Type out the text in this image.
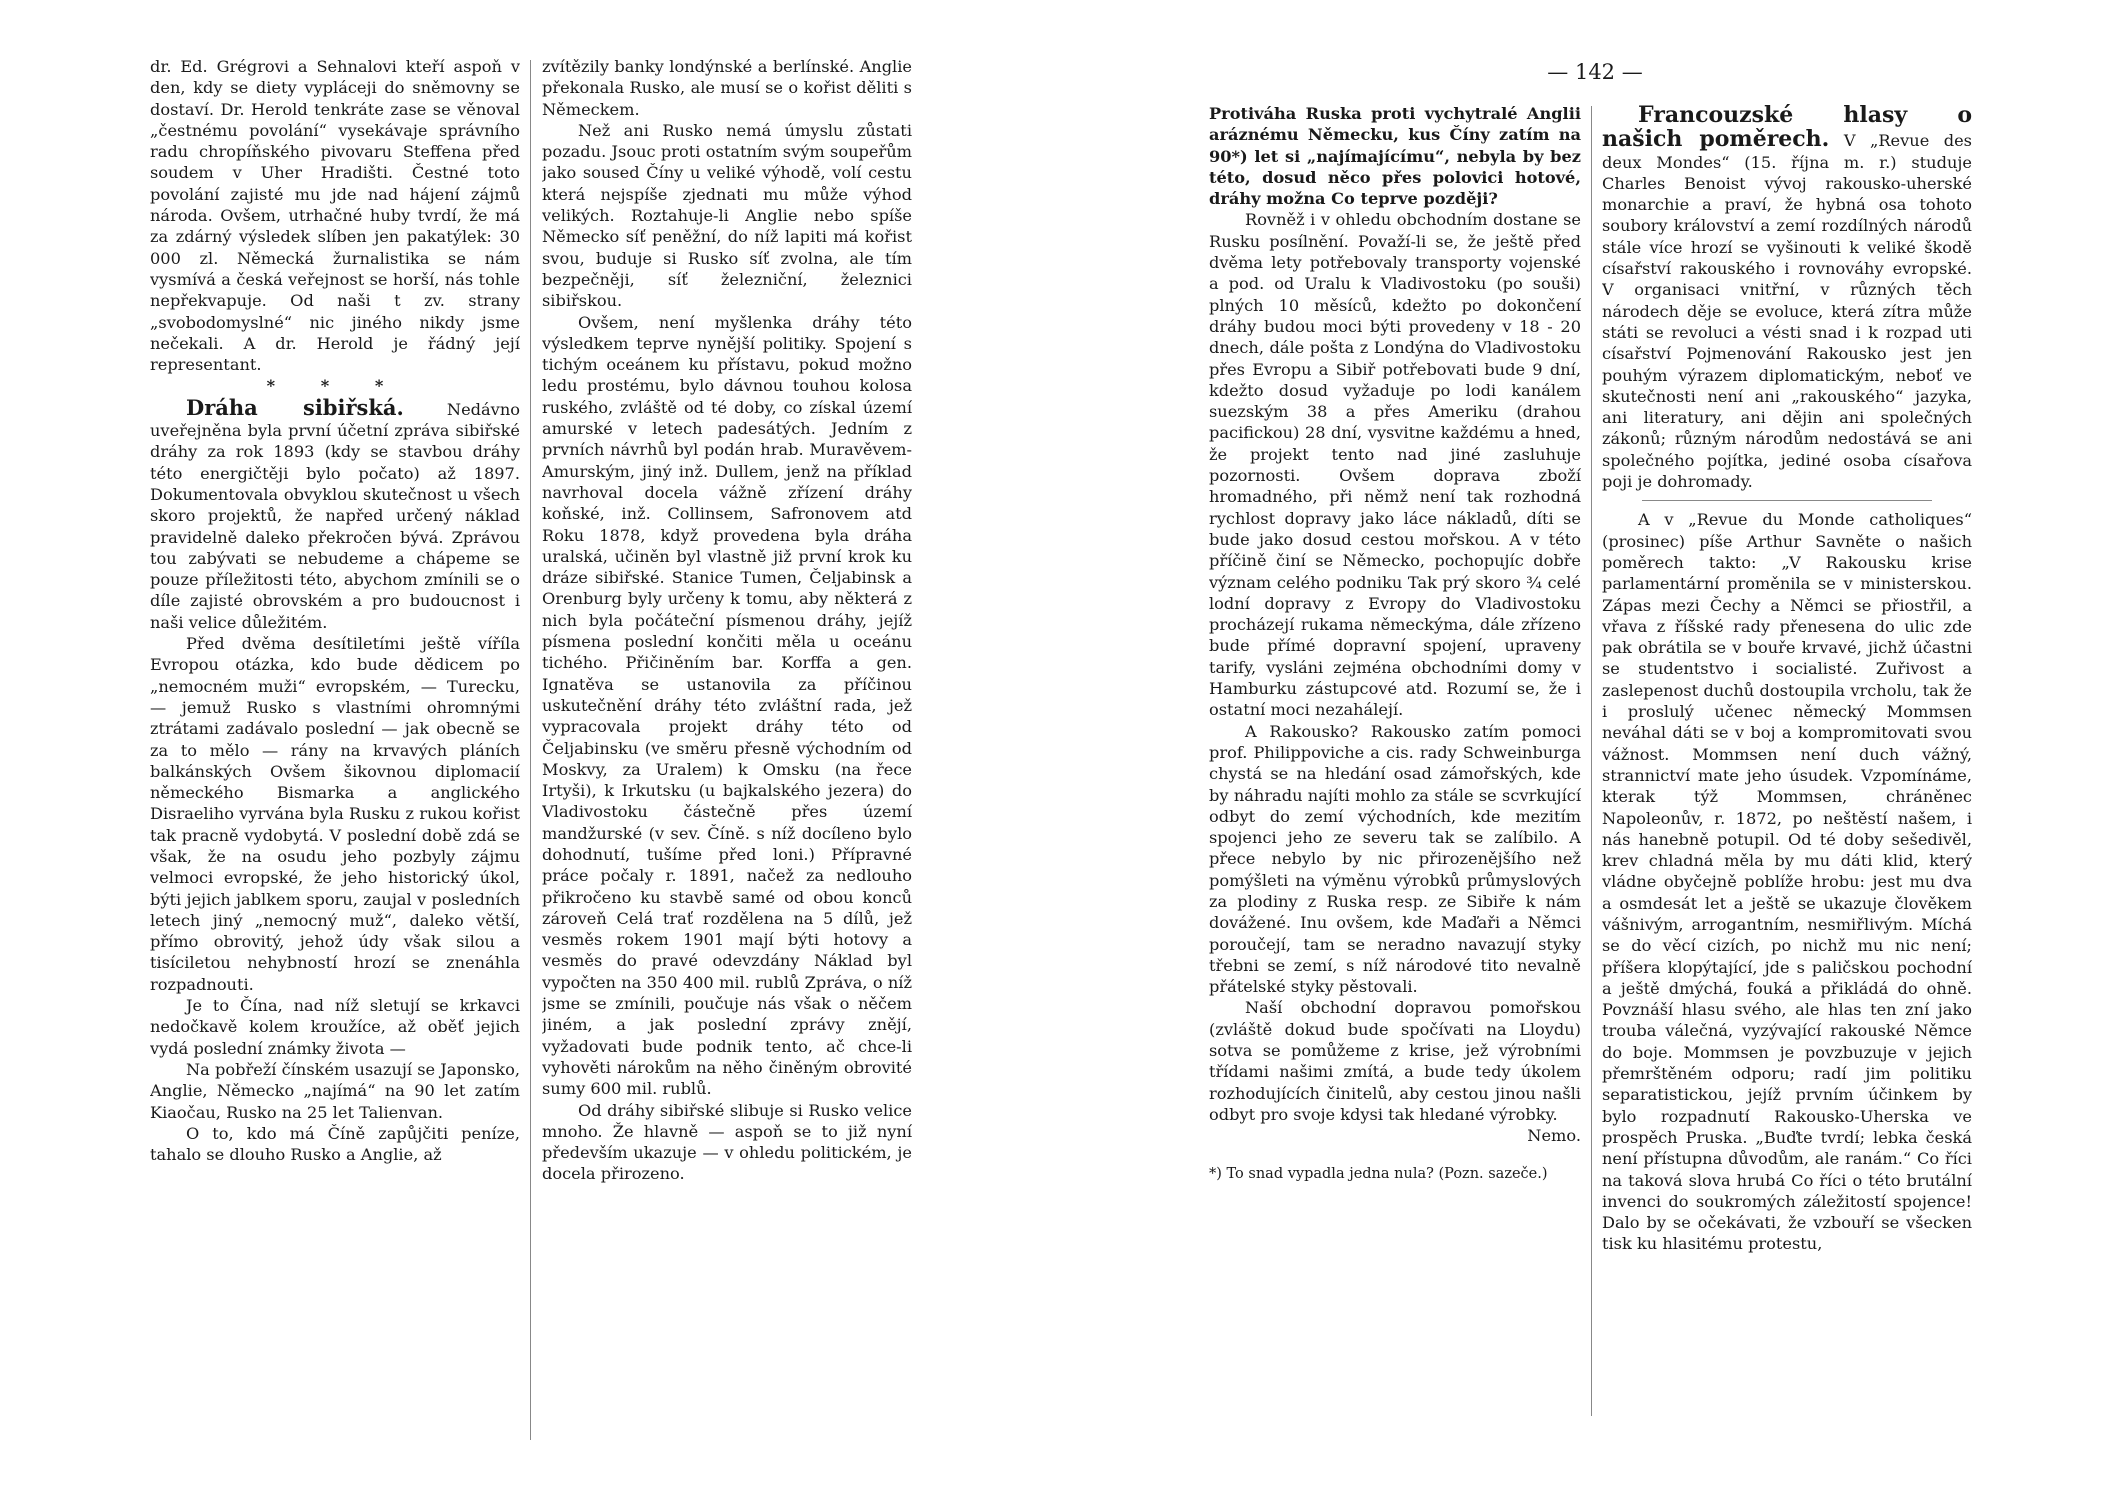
— 142 —

dr. Ed. Grégrovi a Sehnalovi kteří aspoň v den, kdy se diety vypláceji do sněmovny se dostaví. Dr. Herold tenkráte zase se věnoval „čestnému povolání“ vysekávaje správního radu chropíňského pivovaru Steffena před soudem v Uher Hradišti. Čestné toto povolání zajisté mu jde nad hájení zájmů národa. Ovšem, utrhačné huby tvrdí, že má za zdárný výsledek slíben jen pakatýlek: 30 000 zl. Německá žurnalistika se nám vysmívá a česká veřejnost se horší, nás tohle nepřekvapuje. Od naši t zv. strany „svobodomyslné“ nic jiného nikdy jsme nečekali. A dr. Herold je řádný její representant.

* * *

Dráha sibiřská.	Nedávno uveřejněna byla první účetní zpráva sibiřské dráhy za rok 1893 (kdy se stavbou dráhy této energičtěji bylo počato) až 1897. Dokumentovala obvyklou skutečnost u všech skoro projektů, že napřed určený náklad pravidelně daleko překročen bývá. Zprávou tou zabývati se nebudeme a chápeme se pouze příležitosti této, abychom zmínili se o díle zajisté obrovském a pro budoucnost i naši velice důležitém.

Před dvěma desítiletími ještě víříla Evropou otázka, kdo bude dědicem po „nemocném muži“ evropském, — Turecku, — jemuž Rusko s vlastními ohromnými ztrátami zadávalo poslední — jak obecně se za to mělo — rány na krvavých pláních balkánských Ovšem šikovnou diplomacií německého Bismarka a anglického Disraeliho vyrvána byla Rusku z rukou kořist tak pracně vydobytá. V poslední době zdá se však, že na osudu jeho pozbyly zájmu velmoci evropské, že jeho historický úkol, býti jejich jablkem sporu, zaujal v posledních letech jiný „nemocný muž“, daleko větší, přímo obrovitý, jehož údy však silou a tisíciletou nehybností hrozí se znenáhla rozpadnouti.

Je to Čína, nad níž sletují se krkavci nedočkavě kolem kroužíce, až oběť jejich vydá poslední známky života —

Na pobřeží čínském usazují se Japonsko, Anglie, Německo „najímá“ na 90 let zatím Kiaočau, Rusko na 25 let Talienvan.

O to, kdo má Číně zapůjčiti peníze, tahalo se dlouho Rusko a Anglie, až

zvítězily banky londýnské a berlínské. Anglie překonala Rusko, ale musí se o kořist děliti s Německem.

Než ani Rusko nemá úmyslu zůstati pozadu. Jsouc proti ostatním svým soupeřům jako soused Číny u veliké výhodě, volí cestu která nejspíše zjednati mu může výhod velikých. Roztahuje-li Anglie nebo spíše Německo síť peněžní, do níž lapiti má kořist svou, buduje si Rusko síť zvolna, ale tím bezpečněji, síť železniční, železnici sibiřskou.

Ovšem, není myšlenka dráhy této výsledkem teprve nynější politiky. Spojení s tichým oceánem ku přístavu, pokud možno ledu prostému, bylo dávnou touhou kolosa ruského, zvláště od té doby, co získal území amurské v letech padesátých. Jedním z prvních návrhů byl podán hrab. Muravěvem-Amurským, jiný inž. Dullem, jenž na příklad navrhoval docela vážně zřízení dráhy koňské, inž. Collinsem, Safronovem atd Roku 1878, když provedena byla dráha uralská, učiněn byl vlastně již první krok ku dráze sibiřské. Stanice Tumen, Čeljabinsk a Orenburg byly určeny k tomu, aby některá z nich byla počáteční písmenou dráhy, jejíž písmena poslední končiti měla u oceánu tichého. Přičiněním bar. Korffa a gen. Ignatěva se ustanovila za příčinou uskutečnění dráhy této zvláštní rada, jež vypracovala projekt dráhy této od Čeljabinsku (ve směru přesně východním od Moskvy, za Uralem) k Omsku (na řece Irtyši), k Irkutsku (u bajkalského jezera) do Vladivostoku částečně přes území mandžurské (v sev. Číně. s níž docíleno bylo dohodnutí, tušíme před loni.) Přípravné práce počaly r. 1891, načež za nedlouho přikročeno ku stavbě samé od obou konců zároveň Celá trať rozdělena na 5 dílů, jež vesměs rokem 1901 mají býti hotovy a vesměs do pravé odevzdány Náklad byl vypočten na 350 400 mil. rublů Zpráva, o níž jsme se zmínili, poučuje nás však o něčem jiném, a jak poslední zprávy znějí, vyžadovati bude podnik tento, ač chce-li vyhověti nárokům na něho činěným obrovité sumy 600 mil. rublů.

Od dráhy sibiřské slibuje si Rusko velice mnoho. Že hlavně — aspoň se to již nyní především ukazuje — v ohledu politickém, je docela přirozeno.

Protiváha Ruska proti vychytralé Anglii aráznému Německu, kus Číny zatím na 90*) let si „najímajícímu“, nebyla by bez této, dosud něco přes polovici hotové, dráhy možna Co teprve později?

Rovněž i v ohledu obchodním dostane se Rusku posílnění. Považí-li se, že ještě před dvěma lety potřebovaly transporty vojenské a pod. od Uralu k Vladivostoku (po souši) plných 10 měsíců, kdežto po dokončení dráhy budou moci býti provedeny v 18 - 20 dnech, dále pošta z Londýna do Vladivostoku přes Evropu a Sibiř potřebovati bude 9 dní, kdežto dosud vyžaduje po lodi kanálem suezským 38 a přes Ameriku (drahou pacifickou) 28 dní, vysvitne každému a hned, že projekt tento nad jiné zasluhuje pozornosti. Ovšem doprava zboží hromadného, při němž není tak rozhodná rychlost dopravy jako láce nákladů, díti se bude jako dosud cestou mořskou. A v této příčině činí se Německo, pochopujíc dobře význam celého podniku Tak prý skoro ¾ celé lodní dopravy z Evropy do Vladivostoku procházejí rukama německýma, dále zřízeno bude přímé dopravní spojení, upraveny tarify, vysláni zejména obchodními domy v Hamburku zástupcové atd. Rozumí se, že i ostatní moci nezahálejí.

A Rakousko? Rakousko zatím pomoci prof. Philippoviche a cis. rady Schweinburga chystá se na hledání osad zámořských, kde by náhradu najíti mohlo za stále se scvrkující odbyt do zemí východních, kde mezitím spojenci jeho ze severu tak se zalíbilo. A přece nebylo by nic přirozenějšího než pomýšleti na výměnu výrobků průmyslových za plodiny z Ruska resp. ze Sibiře k nám dovážené. Inu ovšem, kde Maďaři a Němci poroučejí, tam se neradno navazují styky třebni se zemí, s níž národové tito nevalně přátelské styky pěstovali.

Naší obchodní dopravou pomořskou (zvláště dokud bude spočívati na Lloydu) sotva se pomůžeme z krise, jež výrobními třídami našimi zmítá, a bude tedy úkolem rozhodujících činitelů, aby cestou jinou našli odbyt pro svoje kdysi tak hledané výrobky.

Nemo.

*) To snad vypadla jedna nula? (Pozn. sazeče.)

Francouzské hlasy o našich poměrech. V „Revue des deux Mondes“ (15. října m. r.) studuje Charles Benoist vývoj rakousko-uherské monarchie a praví, že hybná osa tohoto soubory království a zemí rozdílných národů stále více hrozí se vyšinouti k veliké škodě císařství rakouského i rovnováhy evropské. V organisaci vnitřní, v různých těch národech děje se evoluce, která zítra může státi se revoluci a vésti snad i k rozpad uti císařství Pojmenování Rakousko jest jen pouhým výrazem diplomatickým, neboť ve skutečnosti není ani „rakouského“ jazyka, ani literatury, ani dějin ani společných zákonů; různým národům nedostává se ani společného pojítka, jediné osoba císařova poji je dohromady.

A v „Revue du Monde catholiques“ (prosinec) píše Arthur Savněte o našich poměrech takto: „V Rakousku krise parlamentární proměnila se v ministerskou. Zápas mezi Čechy a Němci se přiostřil, a vřava z říšské rady přenesena do ulic zde pak obrátila se v bouře krvavé, jichž účastni se studentstvo i socialisté. Zuřivost a zaslepenost duchů dostoupila vrcholu, tak že i proslulý učenec německý Mommsen neváhal dáti se v boj a kompromitovati svou vážnost. Mommsen není duch vážný, strannictví mate jeho úsudek. Vzpomínáme, kterak týž Mommsen, chráněnec Napoleonův, r. 1872, po neštěstí našem, i nás hanebně potupil. Od té doby sešedivěl, krev chladná měla by mu dáti klid, který vládne obyčejně poblíže hrobu: jest mu dva a osmdesát let a ještě se ukazuje člověkem vášnivým, arrogantním, nesmiřlivým. Míchá se do věcí cizích, po nichž mu nic není; příšera klopýtající, jde s paličskou pochodní a ještě dmýchá, fouká a přikládá do ohně. Povznáší hlasu svého, ale hlas ten zní jako trouba válečná, vyzývající rakouské Němce do boje. Mommsen je povzbuzuje v jejich přemrštěném odporu; radí jim politiku separatistickou, jejíž prvním účinkem by bylo rozpadnutí Rakousko-Uherska ve prospěch Pruska. „Buďte tvrdí; lebka česká není přístupna důvodům, ale ranám.“ Co říci na taková slova hrubá Co říci o této brutální invenci do soukromých záležitostí spojence! Dalo by se očekávati, že vzbouří se všecken tisk ku hlasitému protestu,
